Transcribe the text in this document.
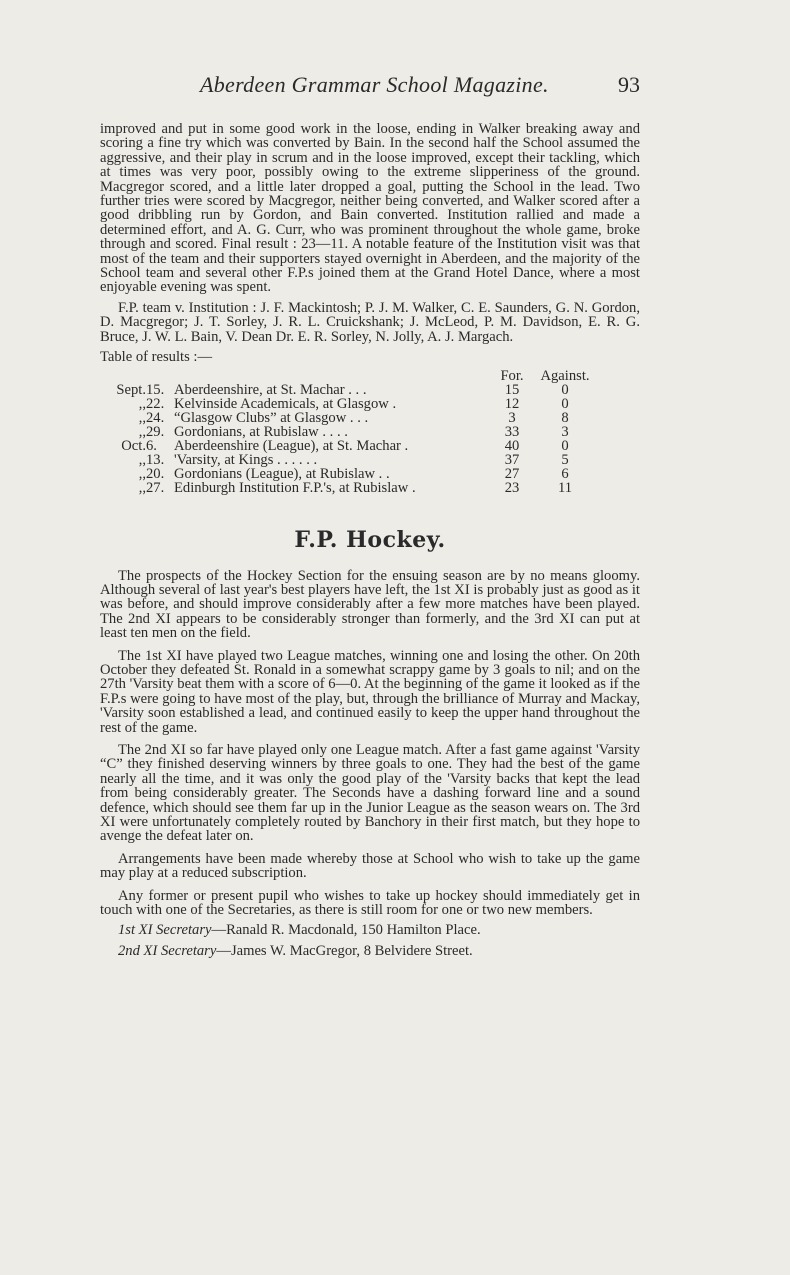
Aberdeen Grammar School Magazine.	93

improved and put in some good work in the loose, ending in Walker breaking away and scoring a fine try which was converted by Bain. In the second half the School assumed the aggressive, and their play in scrum and in the loose improved, except their tackling, which at times was very poor, possibly owing to the extreme slipperiness of the ground. Macgregor scored, and a little later dropped a goal, putting the School in the lead. Two further tries were scored by Macgregor, neither being converted, and Walker scored after a good dribbling run by Gordon, and Bain converted. Institution rallied and made a determined effort, and A. G. Curr, who was prominent throughout the whole game, broke through and scored. Final result : 23—11. A notable feature of the Institution visit was that most of the team and their supporters stayed overnight in Aberdeen, and the majority of the School team and several other F.P.s joined them at the Grand Hotel Dance, where a most enjoyable evening was spent.

F.P. team v. Institution : J. F. Mackintosh; P. J. M. Walker, C. E. Saunders, G. N. Gordon, D. Macgregor; J. T. Sorley, J. R. L. Cruickshank; J. McLeod, P. M. Davidson, E. R. G. Bruce, J. W. L. Bain, V. Dean Dr. E. R. Sorley, N. Jolly, A. J. Margach.

Table of results :—

			For.	Against.
Sept.	15.	Aberdeenshire, at St. Machar . . .	15	0
,,	22.	Kelvinside Academicals, at Glasgow .	12	0
,,	24.	“Glasgow Clubs” at Glasgow . . .	3	8
,,	29.	Gordonians, at Rubislaw . . . .	33	3
Oct.	6.	Aberdeenshire (League), at St. Machar .	40	0
,,	13.	'Varsity, at Kings . . . . . .	37	5
,,	20.	Gordonians (League), at Rubislaw . .	27	6
,,	27.	Edinburgh Institution F.P.'s, at Rubislaw .	23	11
F.P. Hockey.

The prospects of the Hockey Section for the ensuing season are by no means gloomy. Although several of last year's best players have left, the 1st XI is probably just as good as it was before, and should improve considerably after a few more matches have been played. The 2nd XI appears to be considerably stronger than formerly, and the 3rd XI can put at least ten men on the field.

The 1st XI have played two League matches, winning one and losing the other. On 20th October they defeated St. Ronald in a somewhat scrappy game by 3 goals to nil; and on the 27th 'Varsity beat them with a score of 6—0. At the beginning of the game it looked as if the F.P.s were going to have most of the play, but, through the brilliance of Murray and Mackay, 'Varsity soon established a lead, and continued easily to keep the upper hand throughout the rest of the game.

The 2nd XI so far have played only one League match. After a fast game against 'Varsity “C” they finished deserving winners by three goals to one. They had the best of the game nearly all the time, and it was only the good play of the 'Varsity backs that kept the lead from being considerably greater. The Seconds have a dashing forward line and a sound defence, which should see them far up in the Junior League as the season wears on. The 3rd XI were unfortunately completely routed by Banchory in their first match, but they hope to avenge the defeat later on.

Arrangements have been made whereby those at School who wish to take up the game may play at a reduced subscription.

Any former or present pupil who wishes to take up hockey should immediately get in touch with one of the Secretaries, as there is still room for one or two new members.

1st XI Secretary—Ranald R. Macdonald, 150 Hamilton Place.

2nd XI Secretary—James W. MacGregor, 8 Belvidere Street.
